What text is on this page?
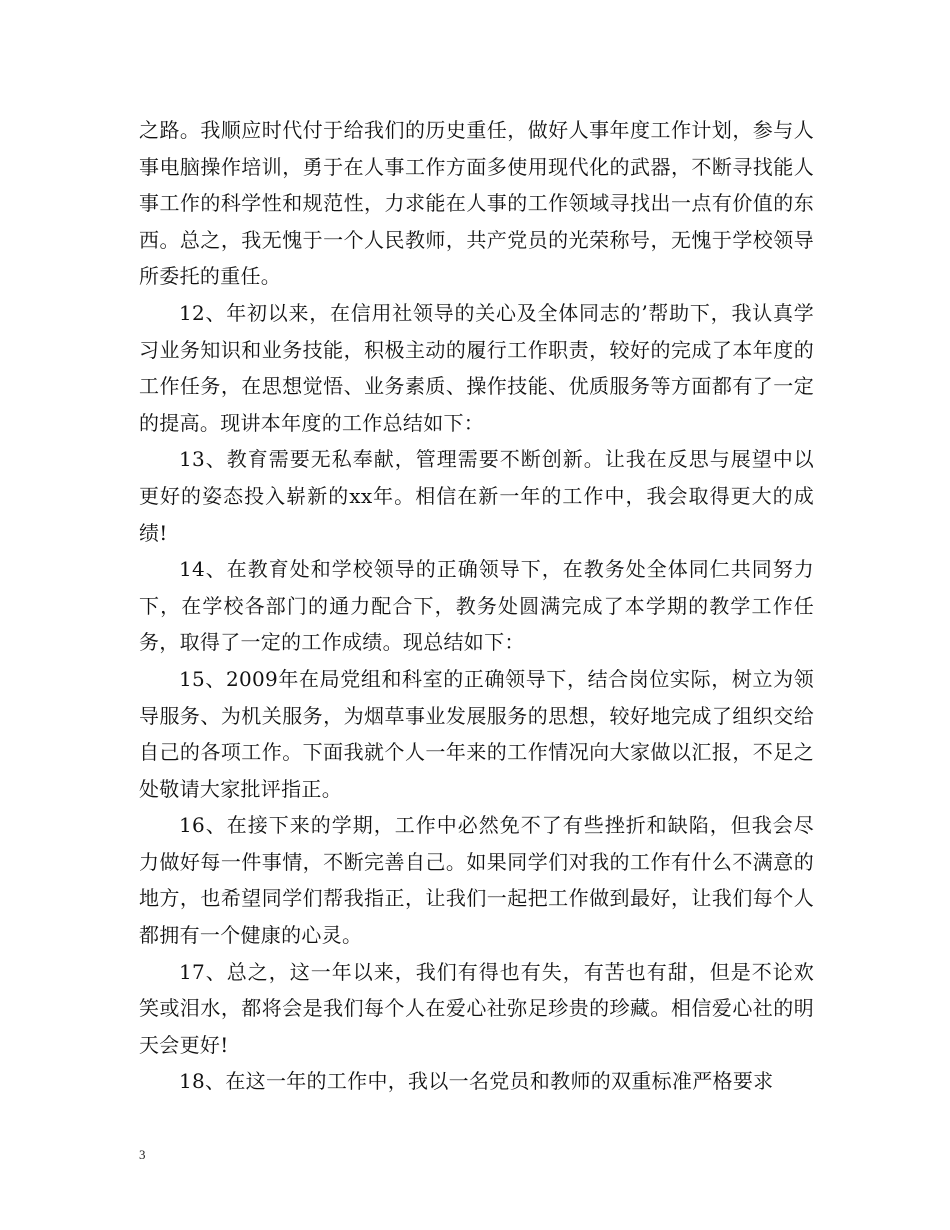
之路。我顺应时代付于给我们的历史重任，做好人事年度工作计划，参与人事电脑操作培训，勇于在人事工作方面多使用现代化的武器，不断寻找能人事工作的科学性和规范性，力求能在人事的工作领域寻找出一点有价值的东西。总之，我无愧于一个人民教师，共产党员的光荣称号，无愧于学校领导所委托的重任。

12、年初以来，在信用社领导的关心及全体同志的’帮助下，我认真学习业务知识和业务技能，积极主动的履行工作职责，较好的完成了本年度的工作任务，在思想觉悟、业务素质、操作技能、优质服务等方面都有了一定的提高。现讲本年度的工作总结如下：

13、教育需要无私奉献，管理需要不断创新。让我在反思与展望中以更好的姿态投入崭新的xx年。相信在新一年的工作中，我会取得更大的成绩!

14、在教育处和学校领导的正确领导下，在教务处全体同仁共同努力下，在学校各部门的通力配合下，教务处圆满完成了本学期的教学工作任务，取得了一定的工作成绩。现总结如下：

15、2009年在局党组和科室的正确领导下，结合岗位实际，树立为领导服务、为机关服务，为烟草事业发展服务的思想，较好地完成了组织交给自己的各项工作。下面我就个人一年来的工作情况向大家做以汇报，不足之处敬请大家批评指正。

16、在接下来的学期，工作中必然免不了有些挫折和缺陷，但我会尽力做好每一件事情，不断完善自己。如果同学们对我的工作有什么不满意的地方，也希望同学们帮我指正，让我们一起把工作做到最好，让我们每个人都拥有一个健康的心灵。

17、总之，这一年以来，我们有得也有失，有苦也有甜，但是不论欢笑或泪水，都将会是我们每个人在爱心社弥足珍贵的珍藏。相信爱心社的明天会更好!

18、在这一年的工作中，我以一名党员和教师的双重标准严格要求

3
